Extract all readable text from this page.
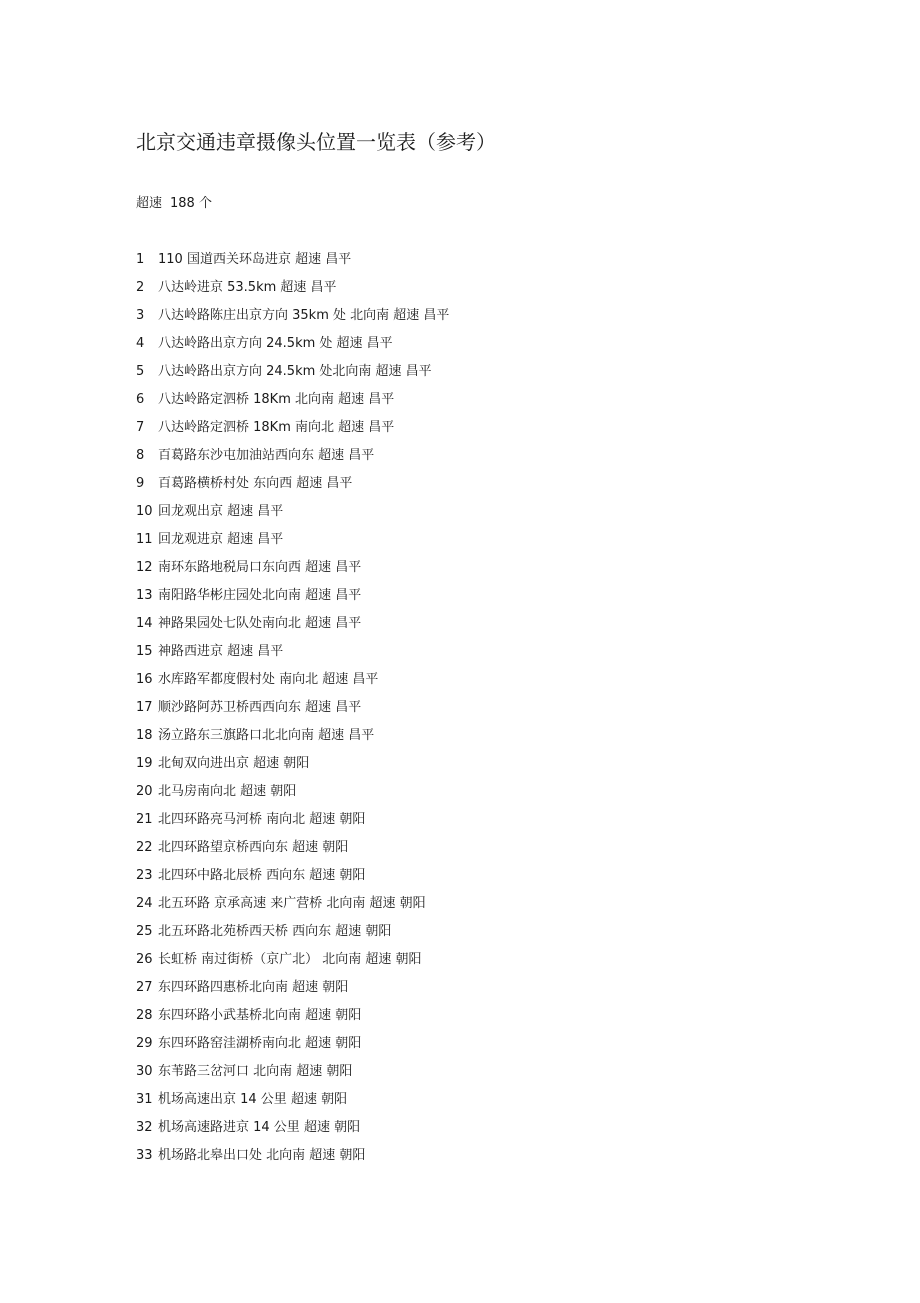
北京交通违章摄像头位置一览表（参考）
超速 188 个
1	110 国道西关环岛进京 超速 昌平
2	八达岭进京 53.5km 超速 昌平
3	八达岭路陈庄出京方向 35km 处 北向南 超速 昌平
4	八达岭路出京方向 24.5km 处 超速 昌平
5	八达岭路出京方向 24.5km 处北向南 超速 昌平
6	八达岭路定泗桥 18Km 北向南 超速 昌平
7	八达岭路定泗桥 18Km 南向北 超速 昌平
8	百葛路东沙屯加油站西向东 超速 昌平
9	百葛路横桥村处 东向西 超速 昌平
10 回龙观出京 超速 昌平
11 回龙观进京 超速 昌平
12 南环东路地税局口东向西 超速 昌平
13 南阳路华彬庄园处北向南 超速 昌平
14 神路果园处七队处南向北 超速 昌平
15 神路西进京 超速 昌平
16 水库路军都度假村处 南向北 超速 昌平
17 顺沙路阿苏卫桥西西向东 超速 昌平
18 汤立路东三旗路口北北向南 超速 昌平
19 北甸双向进出京 超速 朝阳
20 北马房南向北 超速 朝阳
21 北四环路亮马河桥 南向北 超速 朝阳
22 北四环路望京桥西向东 超速 朝阳
23 北四环中路北辰桥 西向东 超速 朝阳
24 北五环路 京承高速 来广营桥 北向南 超速 朝阳
25 北五环路北苑桥西天桥 西向东 超速 朝阳
26 长虹桥 南过街桥（京广北） 北向南 超速 朝阳
27 东四环路四惠桥北向南 超速 朝阳
28 东四环路小武基桥北向南 超速 朝阳
29 东四环路窑洼湖桥南向北 超速 朝阳
30 东苇路三岔河口 北向南 超速 朝阳
31 机场高速出京 14 公里 超速 朝阳
32 机场高速路进京 14 公里 超速 朝阳
33 机场路北皋出口处 北向南 超速 朝阳
